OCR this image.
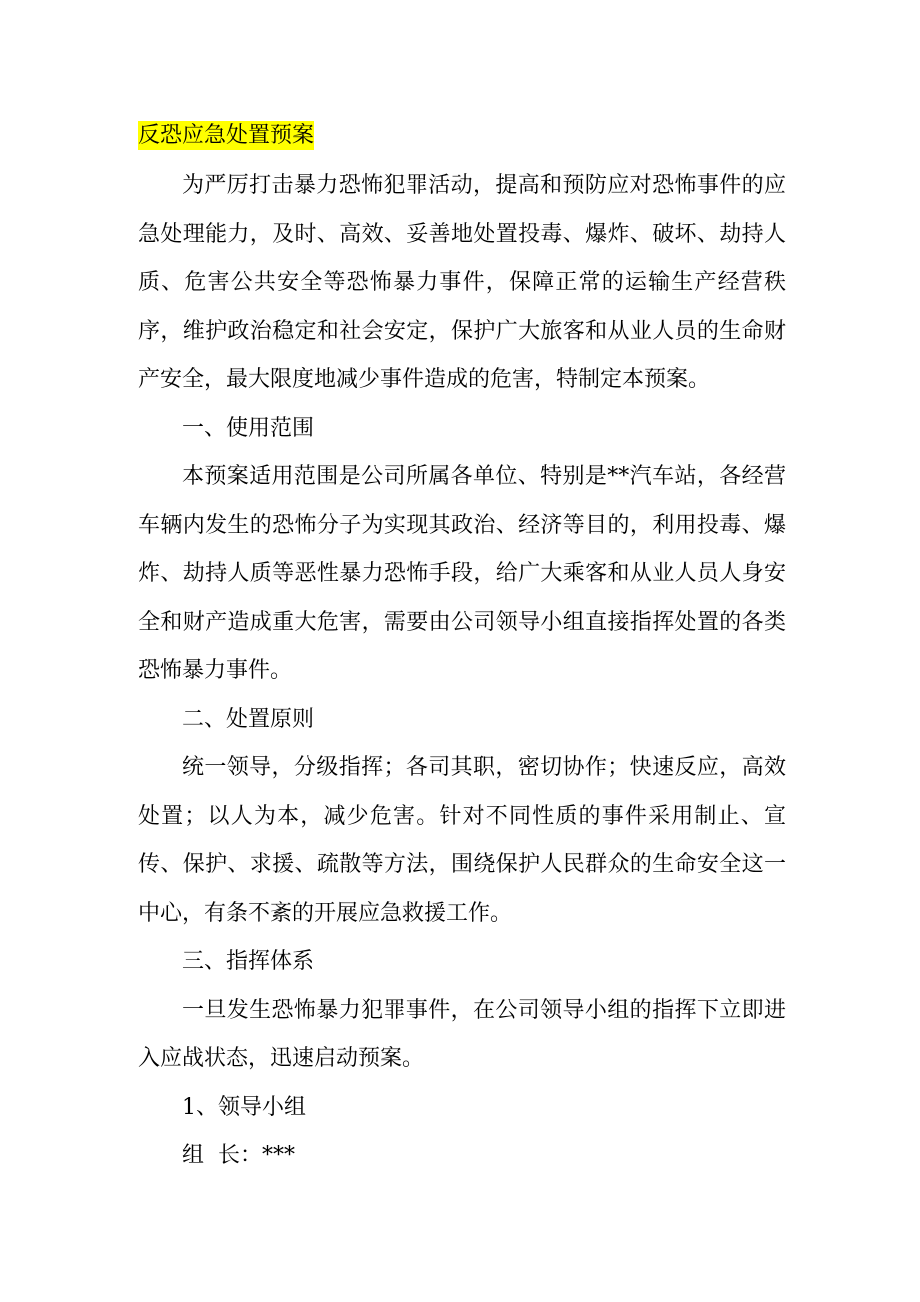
反恐应急处置预案

为严厉打击暴力恐怖犯罪活动，提高和预防应对恐怖事件的应急处理能力，及时、高效、妥善地处置投毒、爆炸、破坏、劫持人质、危害公共安全等恐怖暴力事件，保障正常的运输生产经营秩序，维护政治稳定和社会安定，保护广大旅客和从业人员的生命财产安全，最大限度地减少事件造成的危害，特制定本预案。

一、使用范围

本预案适用范围是公司所属各单位、特别是**汽车站，各经营车辆内发生的恐怖分子为实现其政治、经济等目的，利用投毒、爆炸、劫持人质等恶性暴力恐怖手段，给广大乘客和从业人员人身安全和财产造成重大危害，需要由公司领导小组直接指挥处置的各类恐怖暴力事件。

二、处置原则

统一领导，分级指挥；各司其职，密切协作；快速反应，高效处置；以人为本，减少危害。针对不同性质的事件采用制止、宣传、保护、求援、疏散等方法，围绕保护人民群众的生命安全这一中心，有条不紊的开展应急救援工作。

三、指挥体系

一旦发生恐怖暴力犯罪事件，在公司领导小组的指挥下立即进入应战状态，迅速启动预案。

1、领导小组

组  长：***
